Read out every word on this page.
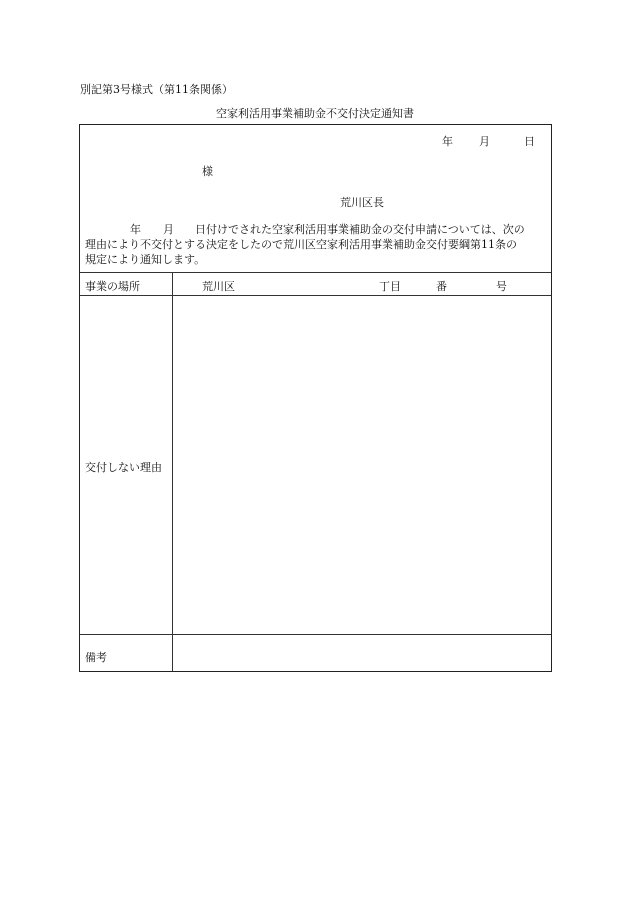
別記第3号様式（第11条関係）
空家利活用事業補助金不交付決定通知書
年 月	日
様
荒川区長

年 月 日付けでされた空家利活用事業補助金の交付申請については、次の

理由により不交付とする決定をしたので荒川区空家利活用事業補助金交付要綱第11条の

規定により通知します。

事業の場所	荒川区	丁目	番	号
交付しない理由
備考
